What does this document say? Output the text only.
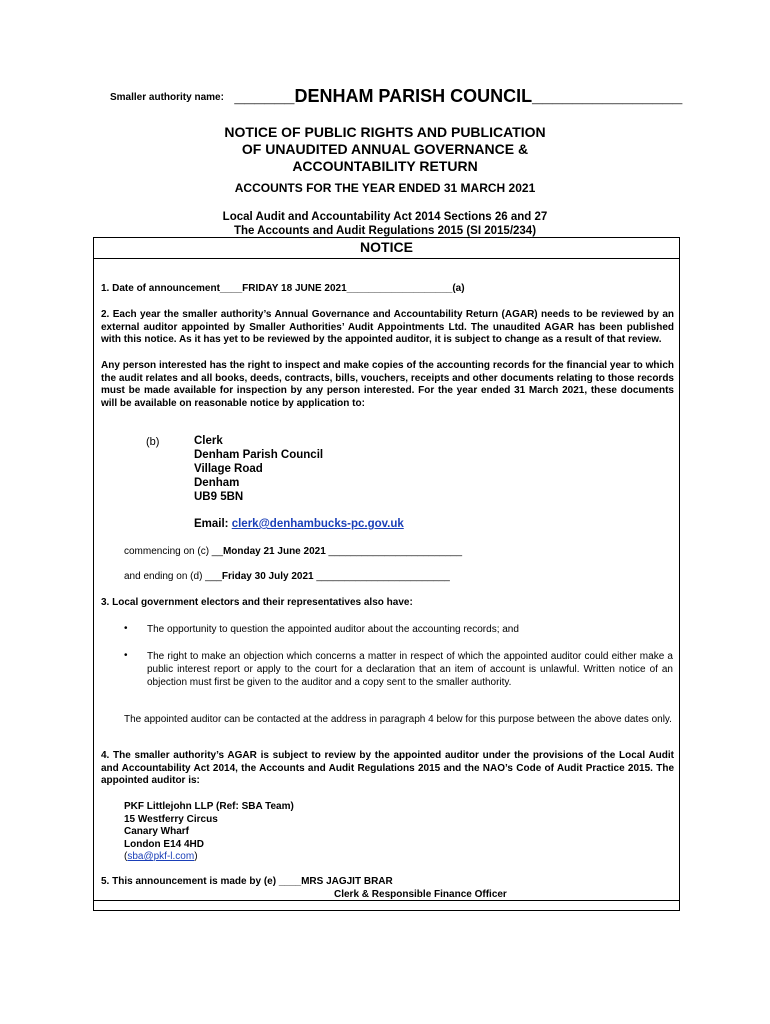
Smaller authority name: ______DENHAM PARISH COUNCIL_______________
NOTICE OF PUBLIC RIGHTS AND PUBLICATION
OF UNAUDITED ANNUAL GOVERNANCE &
ACCOUNTABILITY RETURN
ACCOUNTS FOR THE YEAR ENDED 31 MARCH 2021
Local Audit and Accountability Act 2014 Sections 26 and 27
The Accounts and Audit Regulations 2015 (SI 2015/234)
NOTICE
1. Date of announcement____FRIDAY 18 JUNE 2021___________________(a)
2. Each year the smaller authority’s Annual Governance and Accountability Return (AGAR) needs to be reviewed by an external auditor appointed by Smaller Authorities’ Audit Appointments Ltd. The unaudited AGAR has been published with this notice. As it has yet to be reviewed by the appointed auditor, it is subject to change as a result of that review.
Any person interested has the right to inspect and make copies of the accounting records for the financial year to which the audit relates and all books, deeds, contracts, bills, vouchers, receipts and other documents relating to those records must be made available for inspection by any person interested. For the year ended 31 March 2021, these documents will be available on reasonable notice by application to:
(b)	Clerk
Denham Parish Council
Village Road
Denham
UB9 5BN
Email: clerk@denhambucks-pc.gov.uk
commencing on (c) __Monday 21 June 2021 ________________________
and ending on (d) ___Friday 30 July 2021 ________________________
3. Local government electors and their representatives also have:
• The opportunity to question the appointed auditor about the accounting records; and
• The right to make an objection which concerns a matter in respect of which the appointed auditor could either make a public interest report or apply to the court for a declaration that an item of account is unlawful. Written notice of an objection must first be given to the auditor and a copy sent to the smaller authority.
The appointed auditor can be contacted at the address in paragraph 4 below for this purpose between the above dates only.
4. The smaller authority’s AGAR is subject to review by the appointed auditor under the provisions of the Local Audit and Accountability Act 2014, the Accounts and Audit Regulations 2015 and the NAO’s Code of Audit Practice 2015. The appointed auditor is:
PKF Littlejohn LLP (Ref: SBA Team)
15 Westferry Circus
Canary Wharf
London E14 4HD
(sba@pkf-l.com)
5. This announcement is made by (e) ____MRS JAGJIT BRAR
Clerk & Responsible Finance Officer
